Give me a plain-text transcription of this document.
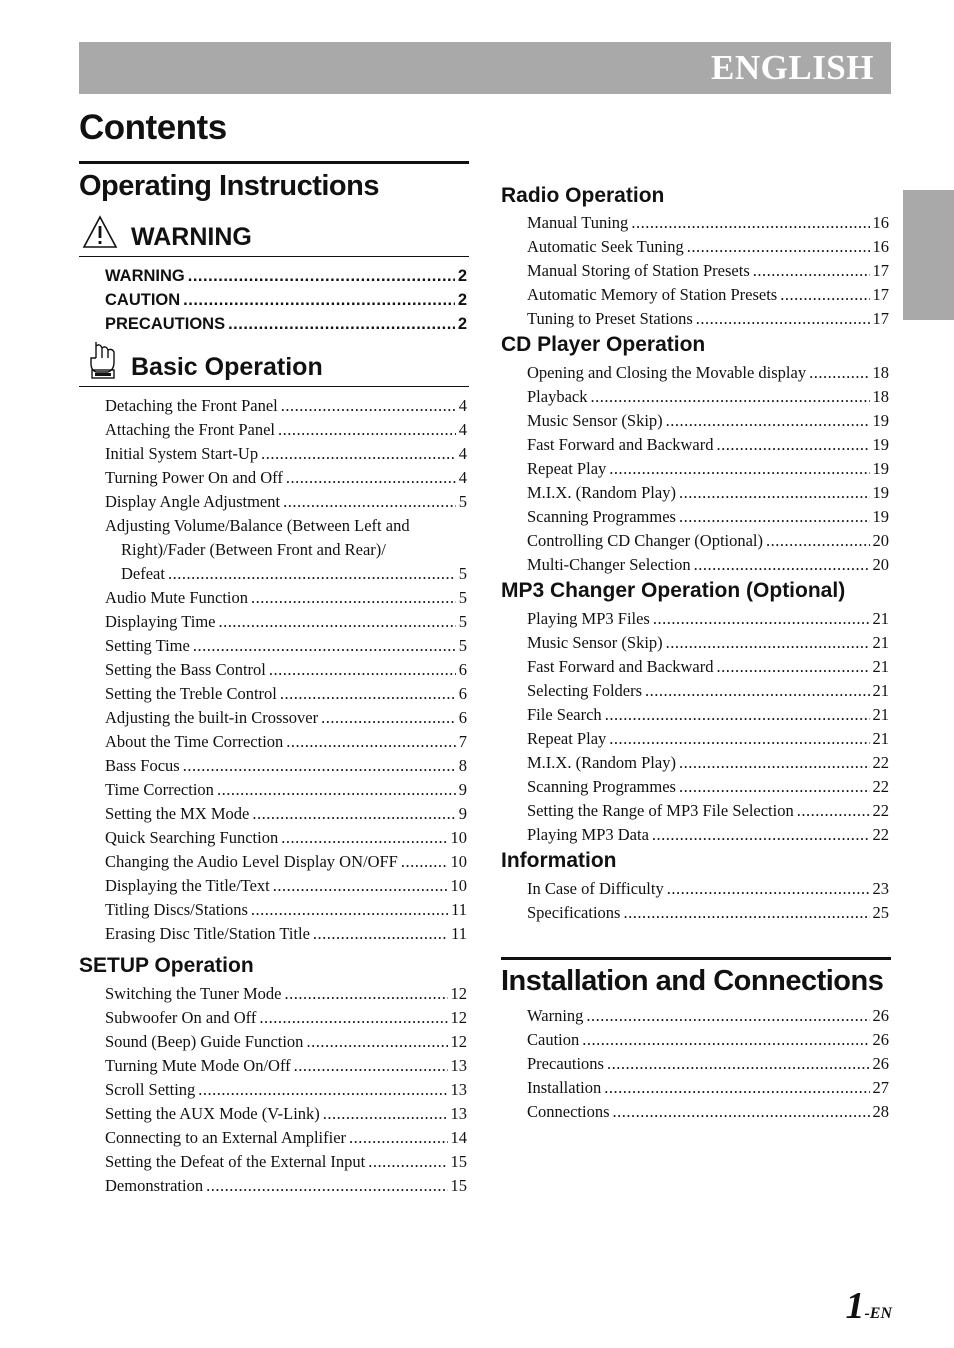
ENGLISH
Contents
Operating Instructions
WARNING
WARNING .....	2
CAUTION .....	2
PRECAUTIONS .....	2
Basic Operation
Detaching the Front Panel .....	4
Attaching the Front Panel .....	4
Initial System Start-Up .....	4
Turning Power On and Off .....	4
Display Angle Adjustment .....	5
Adjusting Volume/Balance (Between Left and
Right)/Fader (Between Front and Rear)/
Defeat .....	5
Audio Mute Function .....	5
Displaying Time .....	5
Setting Time .....	5
Setting the Bass Control .....	6
Setting the Treble Control .....	6
Adjusting the built-in Crossover .....	6
About the Time Correction .....	7
Bass Focus .....	8
Time Correction .....	9
Setting the MX Mode .....	9
Quick Searching Function .....	10
Changing the Audio Level Display ON/OFF .....	10
Displaying the Title/Text .....	10
Titling Discs/Stations .....	11
Erasing Disc Title/Station Title .....	11
SETUP Operation
Switching the Tuner Mode .....	12
Subwoofer On and Off .....	12
Sound (Beep) Guide Function .....	12
Turning Mute Mode On/Off .....	13
Scroll Setting .....	13
Setting the AUX Mode (V-Link) .....	13
Connecting to an External Amplifier .....	14
Setting the Defeat of the External Input .....	15
Demonstration .....	15
Radio Operation
Manual Tuning .....	16
Automatic Seek Tuning .....	16
Manual Storing of Station Presets .....	17
Automatic Memory of Station Presets .....	17
Tuning to Preset Stations .....	17
CD Player Operation
Opening and Closing the Movable display .....	18
Playback .....	18
Music Sensor (Skip) .....	19
Fast Forward and Backward .....	19
Repeat Play .....	19
M.I.X. (Random Play) .....	19
Scanning Programmes .....	19
Controlling CD Changer (Optional) .....	20
Multi-Changer Selection .....	20
MP3 Changer Operation (Optional)
Playing MP3 Files .....	21
Music Sensor (Skip) .....	21
Fast Forward and Backward .....	21
Selecting Folders .....	21
File Search .....	21
Repeat Play .....	21
M.I.X. (Random Play) .....	22
Scanning Programmes .....	22
Setting the Range of MP3 File Selection .....	22
Playing MP3 Data .....	22
Information
In Case of Difficulty .....	23
Specifications .....	25
Installation and Connections
Warning .....	26
Caution .....	26
Precautions .....	26
Installation .....	27
Connections .....	28
1-EN
